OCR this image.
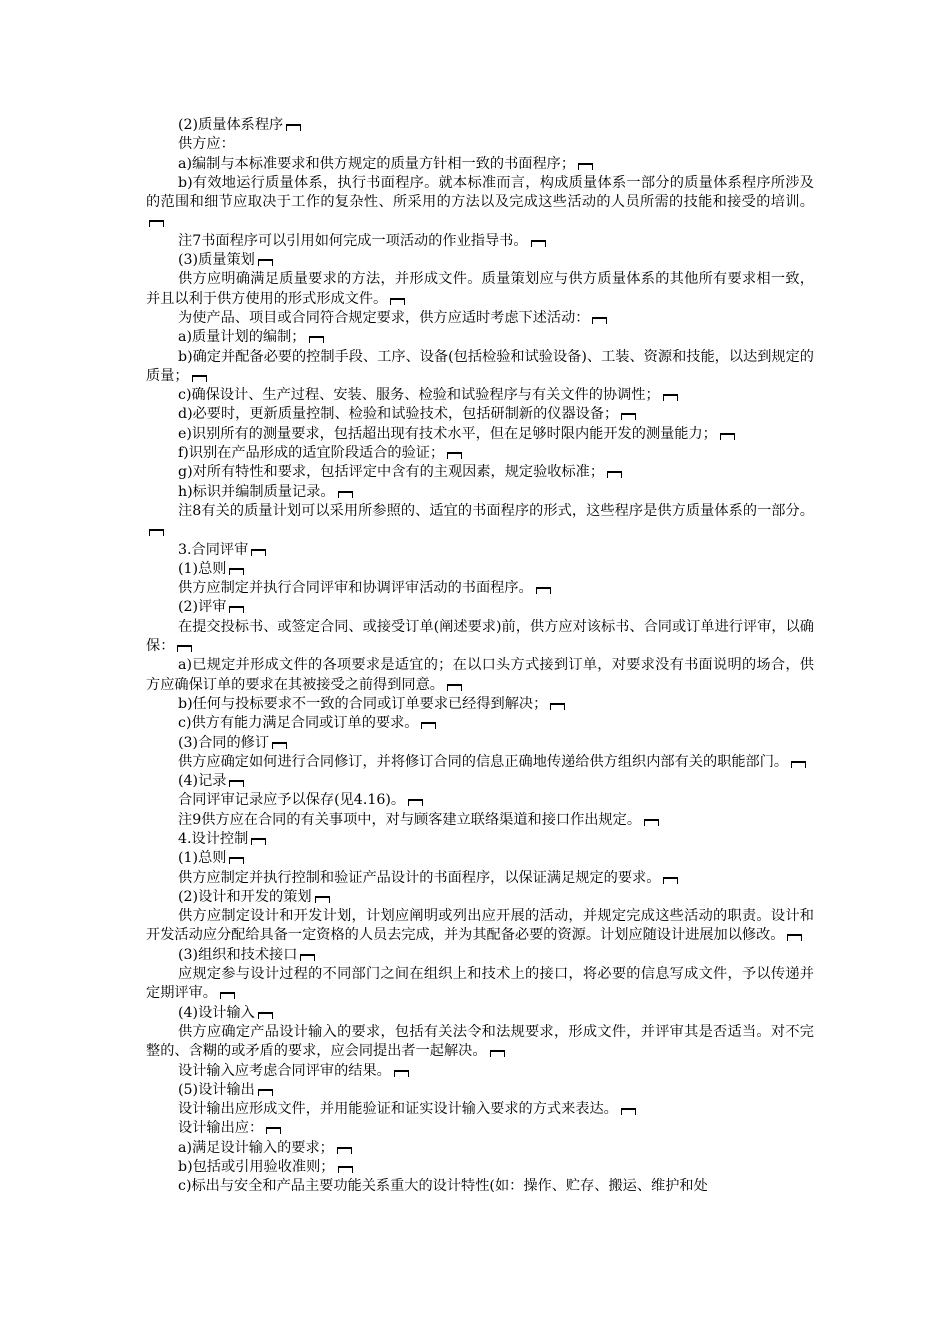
(2)质量体系程序

供方应：

a)编制与本标准要求和供方规定的质量方针相一致的书面程序；

b)有效地运行质量体系，执行书面程序。就本标准而言，构成质量体系一部分的质量体系程序所涉及的范围和细节应取决于工作的复杂性、所采用的方法以及完成这些活动的人员所需的技能和接受的培训。

注7书面程序可以引用如何完成一项活动的作业指导书。

(3)质量策划

供方应明确满足质量要求的方法，并形成文件。质量策划应与供方质量体系的其他所有要求相一致，并且以利于供方使用的形式形成文件。

为使产品、项目或合同符合规定要求，供方应适时考虑下述活动：

a)质量计划的编制；

b)确定并配备必要的控制手段、工序、设备(包括检验和试验设备)、工装、资源和技能，以达到规定的质量；

c)确保设计、生产过程、安装、服务、检验和试验程序与有关文件的协调性；

d)必要时，更新质量控制、检验和试验技术，包括研制新的仪器设备；

e)识别所有的测量要求，包括超出现有技术水平，但在足够时限内能开发的测量能力；

f)识别在产品形成的适宜阶段适合的验证；

g)对所有特性和要求，包括评定中含有的主观因素，规定验收标准；

h)标识并编制质量记录。

注8有关的质量计划可以采用所参照的、适宜的书面程序的形式，这些程序是供方质量体系的一部分。

3.合同评审

(1)总则

供方应制定并执行合同评审和协调评审活动的书面程序。

(2)评审

在提交投标书、或签定合同、或接受订单(阐述要求)前，供方应对该标书、合同或订单进行评审，以确保：

a)已规定并形成文件的各项要求是适宜的；在以口头方式接到订单，对要求没有书面说明的场合，供方应确保订单的要求在其被接受之前得到同意。

b)任何与投标要求不一致的合同或订单要求已经得到解决；

c)供方有能力满足合同或订单的要求。

(3)合同的修订

供方应确定如何进行合同修订，并将修订合同的信息正确地传递给供方组织内部有关的职能部门。

(4)记录

合同评审记录应予以保存(见4.16)。

注9供方应在合同的有关事项中，对与顾客建立联络渠道和接口作出规定。

4.设计控制

(1)总则

供方应制定并执行控制和验证产品设计的书面程序，以保证满足规定的要求。

(2)设计和开发的策划

供方应制定设计和开发计划，计划应阐明或列出应开展的活动，并规定完成这些活动的职责。设计和开发活动应分配给具备一定资格的人员去完成，并为其配备必要的资源。计划应随设计进展加以修改。

(3)组织和技术接口

应规定参与设计过程的不同部门之间在组织上和技术上的接口，将必要的信息写成文件，予以传递并定期评审。

(4)设计输入

供方应确定产品设计输入的要求，包括有关法令和法规要求，形成文件，并评审其是否适当。对不完整的、含糊的或矛盾的要求，应会同提出者一起解决。

设计输入应考虑合同评审的结果。

(5)设计输出

设计输出应形成文件，并用能验证和证实设计输入要求的方式来表达。

设计输出应：

a)满足设计输入的要求；

b)包括或引用验收准则；

c)标出与安全和产品主要功能关系重大的设计特性(如：操作、贮存、搬运、维护和处
